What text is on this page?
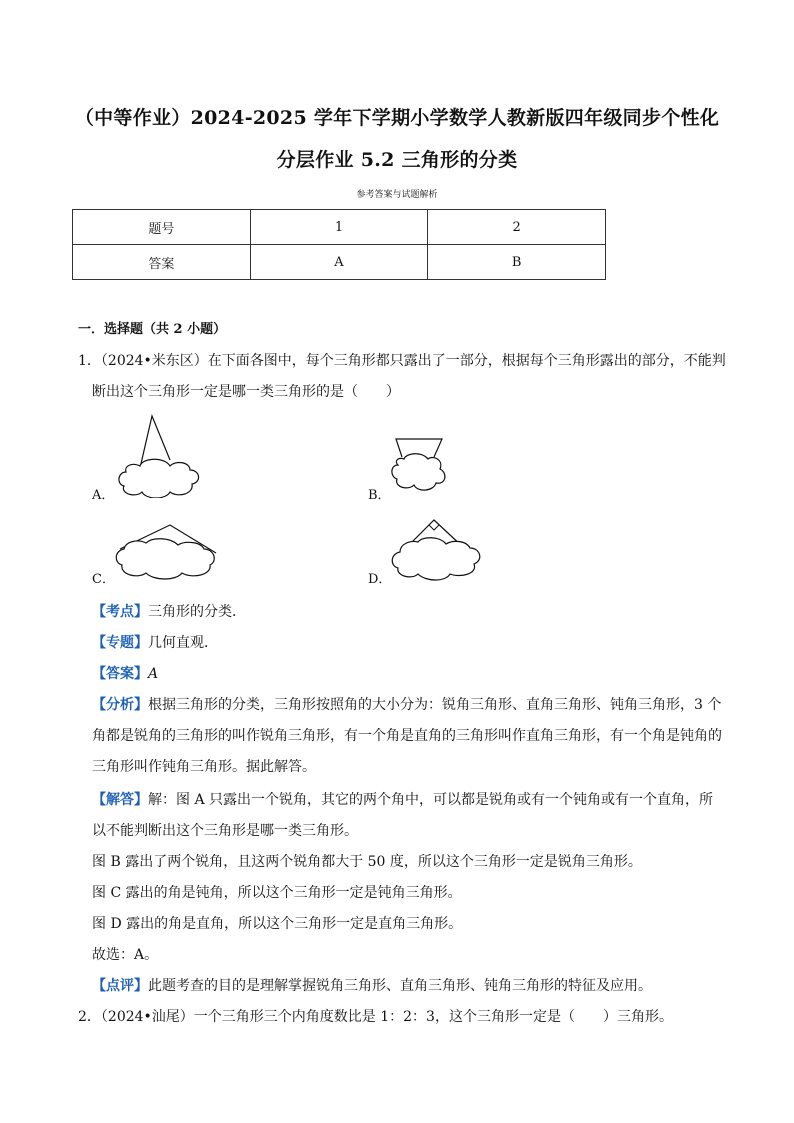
（中等作业）2024-2025 学年下学期小学数学人教新版四年级同步个性化
分层作业 5.2 三角形的分类
参考答案与试题解析
题号	1	2
答案	A	B
一．选择题（共 2 小题）
1．（2024•米东区）在下面各图中，每个三角形都只露出了一部分，根据每个三角形露出的部分，不能判
断出这个三角形一定是哪一类三角形的是（　　）
A．	B．
C．	D．
【考点】三角形的分类．
【专题】几何直观．
【答案】A
【分析】根据三角形的分类，三角形按照角的大小分为：锐角三角形、直角三角形、钝角三角形，3 个
角都是锐角的三角形的叫作锐角三角形，有一个角是直角的三角形叫作直角三角形，有一个角是钝角的
三角形叫作钝角三角形。据此解答。
【解答】解：图 A 只露出一个锐角，其它的两个角中，可以都是锐角或有一个钝角或有一个直角，所
以不能判断出这个三角形是哪一类三角形。
图 B 露出了两个锐角，且这两个锐角都大于 50 度，所以这个三角形一定是锐角三角形。
图 C 露出的角是钝角，所以这个三角形一定是钝角三角形。
图 D 露出的角是直角，所以这个三角形一定是直角三角形。
故选：A。
【点评】此题考查的目的是理解掌握锐角三角形、直角三角形、钝角三角形的特征及应用。
2．（2024•汕尾）一个三角形三个内角度数比是 1：2：3，这个三角形一定是（　　）三角形。
